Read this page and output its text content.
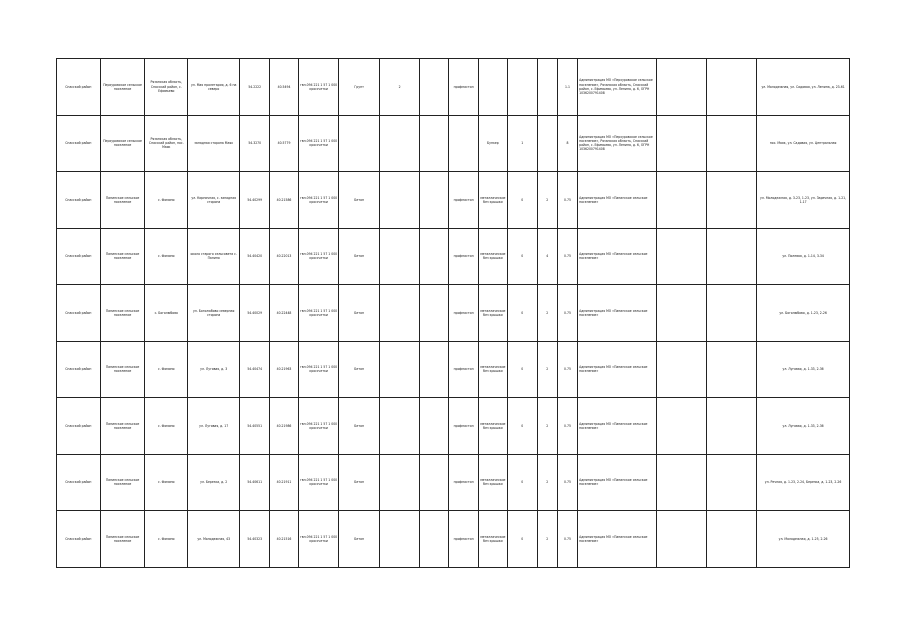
Спасский район	Перхуровское сельское поселение	Рязанская область, Спасский район, с. Ефимьево	ул. Мая пролетария, д. 6 на северо	54.2222	40.5494	гвн.094 221 1 57 1 000 кроссчетки	Грунт	2		профнастил				1.1	Администрация МО «Перхуровское сельское поселение», Рязанская область, Спасский район, с. Ефимьево, ул. Ленина, д. 6, ОГРН 1036200791408			ул. Молодежная, ул. Садовая, ул. Ленина, д. 23-61
Спасский район	Перхуровское сельское поселение	Рязанская область, Спасский район, пос. Маяк	западная сторона Маяк	54.3270	40.5779	гвн.094 221 1 57 1 000 кроссчетки					Бункер	1		8	Администрация МО «Перхуровское сельское поселение», Рязанская область, Спасский район, с. Ефимьево, ул. Ленина, д. 6, ОГРН 1036200791408			пос. Маяк, ул. Садовая, ул. Центральная
Спасский район	Панинское сельское поселение	с. Фомино	ул. Кирпичная, с. западная сторона	54.40299	40.21586	гвн.094 221 1 57 1 000 кроссчетки	Бетон			профнастил	металлические без крышки	0	2	0.75	Администрация МО «Панинское сельское поселение»			ул. Молодежная, д. 3-23, 1-23, ул. Заречная, д. 1-21, 1-17
Спасский район	Панинское сельское поселение	с. Фомино	около старого сельсовета с. Панино	54.40420	40.22013	гвн.094 221 1 57 1 000 кроссчетки	Бетон			профнастил	металлические без крышки	0	4	0.75	Администрация МО «Панинское сельское поселение»			ул. Полевая, д. 1-14, 3-34
Спасский район	Панинское сельское поселение	с. Боголюбово	ул. Боголюбово северная сторона	54.40029	40.22448	гвн.094 221 1 57 1 000 кроссчетки	Бетон			профнастил	металлические без крышки	0	2	0.75	Администрация МО «Панинское сельское поселение»			ул. Боголюбово, д. 1-23, 2-26
Спасский район	Панинское сельское поселение	с. Фомино	ул. Луговая, д. 3	54.40474	40.21963	гвн.094 221 1 57 1 000 кроссчетки	Бетон			профнастил	металлические без крышки	0	2	0.75	Администрация МО «Панинское сельское поселение»			ул. Луговая, д. 1-33, 2-36
Спасский район	Панинское сельское поселение	с. Фомино	ул. Луговая, д. 17	54.40551	40.21986	гвн.094 221 1 57 1 000 кроссчетки	Бетон			профнастил	металлические без крышки	0	2	0.75	Администрация МО «Панинское сельское поселение»			ул. Луговая, д. 1-33, 2-36
Спасский район	Панинское сельское поселение	с. Фомино	ул. Березка, д. 2	54.40611	40.21911	гвн.094 221 1 57 1 000 кроссчетки	Бетон			профнастил	металлические без крышки	0	2	0.75	Администрация МО «Панинское сельское поселение»			ул. Речная, д. 1-23, 2-24, Березка, д. 1-23, 2-26
Спасский район	Панинское сельское поселение	с. Фомино	ул. Молодежная, 43	54.40323	40.21516	гвн.094 221 1 57 1 000 кроссчетки	Бетон			профнастил	металлические без крышки	0	2	0.75	Администрация МО «Панинское сельское поселение»			ул. Молодежная, д. 1-25, 2-26
